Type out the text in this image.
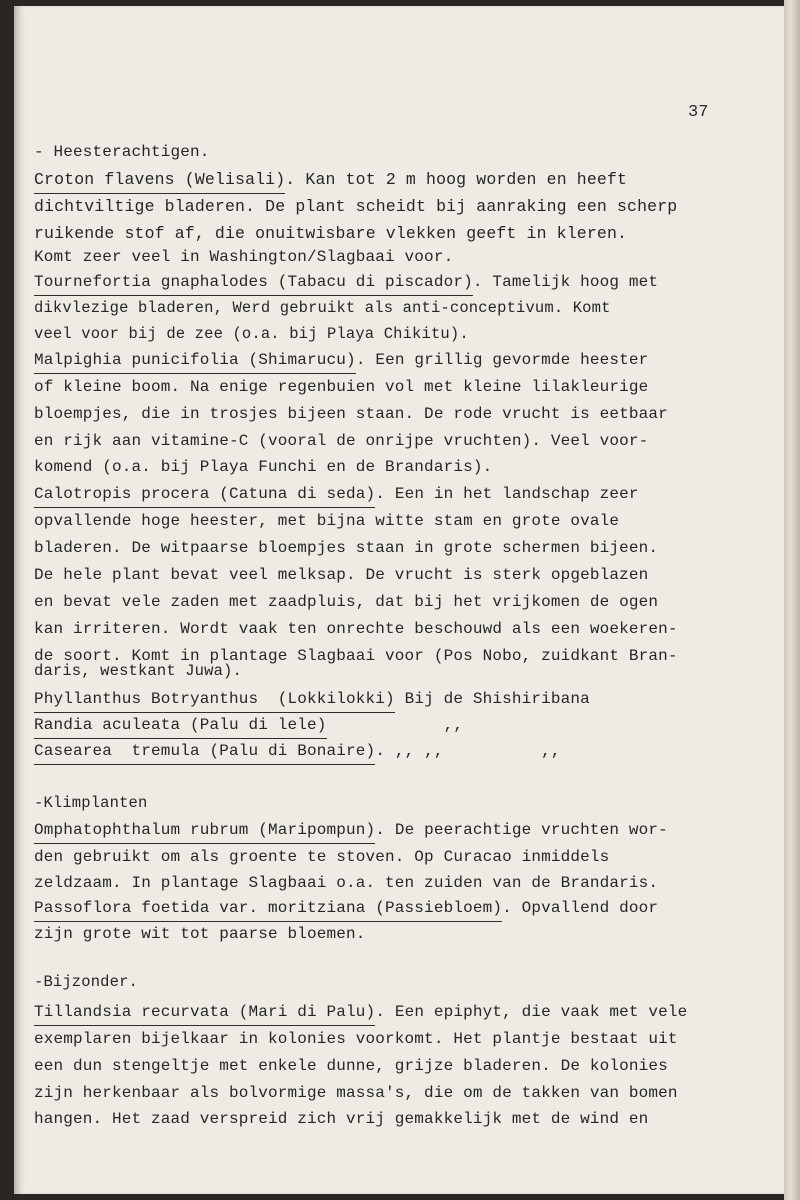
37

- Heesterachtigen.

Croton flavens (Welisali)
. Kan tot 2 m hoog worden en heeft

dichtviltige bladeren. De plant scheidt bij aanraking een scherp

ruikende stof af, die onuitwisbare vlekken geeft in kleren.

Komt zeer veel in Washington/Slagbaai voor.

Tournefortia gnaphalodes (Tabacu di piscador)
. Tamelijk hoog met

dikvlezige bladeren, Werd gebruikt als anti-conceptivum. Komt

veel voor bij de zee (o.a. bij Playa Chikitu).

Malpighia punicifolia (Shimarucu)
. Een grillig gevormde heester

of kleine boom. Na enige regenbuien vol met kleine lilakleurige

bloempjes, die in trosjes bijeen staan. De rode vrucht is eetbaar

en rijk aan vitamine-C (vooral de onrijpe vruchten). Veel voor-

komend (o.a. bij Playa Funchi en de Brandaris).

Calotropis procera (Catuna di seda)
. Een in het landschap zeer

opvallende hoge heester, met bijna witte stam en grote ovale

bladeren. De witpaarse bloempjes staan in grote schermen bijeen.

De hele plant bevat veel melksap. De vrucht is sterk opgeblazen

en bevat vele zaden met zaadpluis, dat bij het vrijkomen de ogen

kan irriteren. Wordt vaak ten onrechte beschouwd als een woekeren-

de soort. Komt in plantage Slagbaai voor (Pos Nobo, zuidkant Bran-

daris, westkant Juwa).

Phyllanthus Botryanthus  (Lokkilokki)
Bij de Shishiribana

Randia aculeata (Palu di lele)
,,

Casearea  tremula (Palu di Bonaire)
. ,, ,,          ,,

-Klimplanten

Omphatophthalum rubrum (Maripompun)
. De peerachtige vruchten wor-

den gebruikt om als groente te stoven. Op Curacao inmiddels

zeldzaam. In plantage Slagbaai o.a. ten zuiden van de Brandaris.

Passoflora foetida var. moritziana (Passiebloem)
. Opvallend door

zijn grote wit tot paarse bloemen.

-Bijzonder.

Tillandsia recurvata (Mari di Palu)
. Een epiphyt, die vaak met vele

exemplaren bijelkaar in kolonies voorkomt. Het plantje bestaat uit

een dun stengeltje met enkele dunne, grijze bladeren. De kolonies

zijn herkenbaar als bolvormige massa's, die om de takken van bomen

hangen. Het zaad verspreid zich vrij gemakkelijk met de wind en
